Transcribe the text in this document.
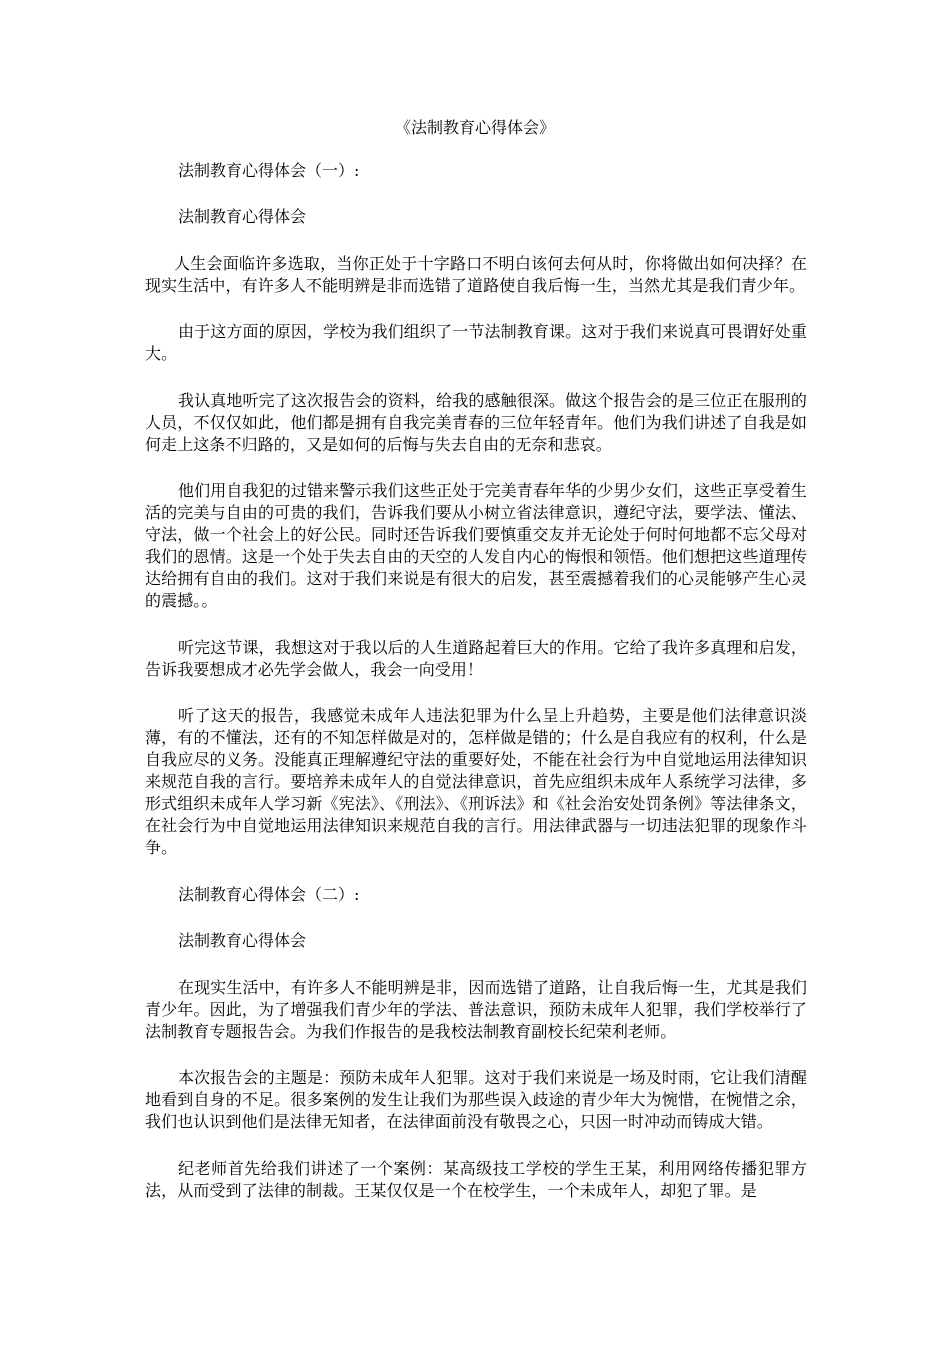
《法制教育心得体会》

法制教育心得体会（一）:

法制教育心得体会

人生会面临许多选取，当你正处于十字路口不明白该何去何从时，你将做出如何决择？在现实生活中，有许多人不能明辨是非而选错了道路使自我后悔一生，当然尤其是我们青少年。

由于这方面的原因，学校为我们组织了一节法制教育课。这对于我们来说真可畏谓好处重大。

我认真地听完了这次报告会的资料，给我的感触很深。做这个报告会的是三位正在服刑的人员，不仅仅如此，他们都是拥有自我完美青春的三位年轻青年。他们为我们讲述了自我是如何走上这条不归路的，又是如何的后悔与失去自由的无奈和悲哀。

他们用自我犯的过错来警示我们这些正处于完美青春年华的少男少女们，这些正享受着生活的完美与自由的可贵的我们，告诉我们要从小树立省法律意识，遵纪守法，要学法、懂法、守法，做一个社会上的好公民。同时还告诉我们要慎重交友并无论处于何时何地都不忘父母对我们的恩情。这是一个处于失去自由的天空的人发自内心的悔恨和领悟。他们想把这些道理传达给拥有自由的我们。这对于我们来说是有很大的启发，甚至震撼着我们的心灵能够产生心灵的震撼。。

听完这节课，我想这对于我以后的人生道路起着巨大的作用。它给了我许多真理和启发，告诉我要想成才必先学会做人，我会一向受用！

听了这天的报告，我感觉未成年人违法犯罪为什么呈上升趋势，主要是他们法律意识淡薄，有的不懂法，还有的不知怎样做是对的，怎样做是错的；什么是自我应有的权利，什么是自我应尽的义务。没能真正理解遵纪守法的重要好处，不能在社会行为中自觉地运用法律知识来规范自我的言行。要培养未成年人的自觉法律意识，首先应组织未成年人系统学习法律，多形式组织未成年人学习新《宪法》、《刑法》、《刑诉法》和《社会治安处罚条例》等法律条文，在社会行为中自觉地运用法律知识来规范自我的言行。用法律武器与一切违法犯罪的现象作斗争。

法制教育心得体会（二）:

法制教育心得体会

在现实生活中，有许多人不能明辨是非，因而选错了道路，让自我后悔一生，尤其是我们青少年。因此，为了增强我们青少年的学法、普法意识，预防未成年人犯罪，我们学校举行了法制教育专题报告会。为我们作报告的是我校法制教育副校长纪荣利老师。

本次报告会的主题是：预防未成年人犯罪。这对于我们来说是一场及时雨，它让我们清醒地看到自身的不足。很多案例的发生让我们为那些误入歧途的青少年大为惋惜，在惋惜之余，我们也认识到他们是法律无知者，在法律面前没有敬畏之心，只因一时冲动而铸成大错。

纪老师首先给我们讲述了一个案例：某高级技工学校的学生王某，利用网络传播犯罪方法，从而受到了法律的制裁。王某仅仅是一个在校学生，一个未成年人，却犯了罪。是
